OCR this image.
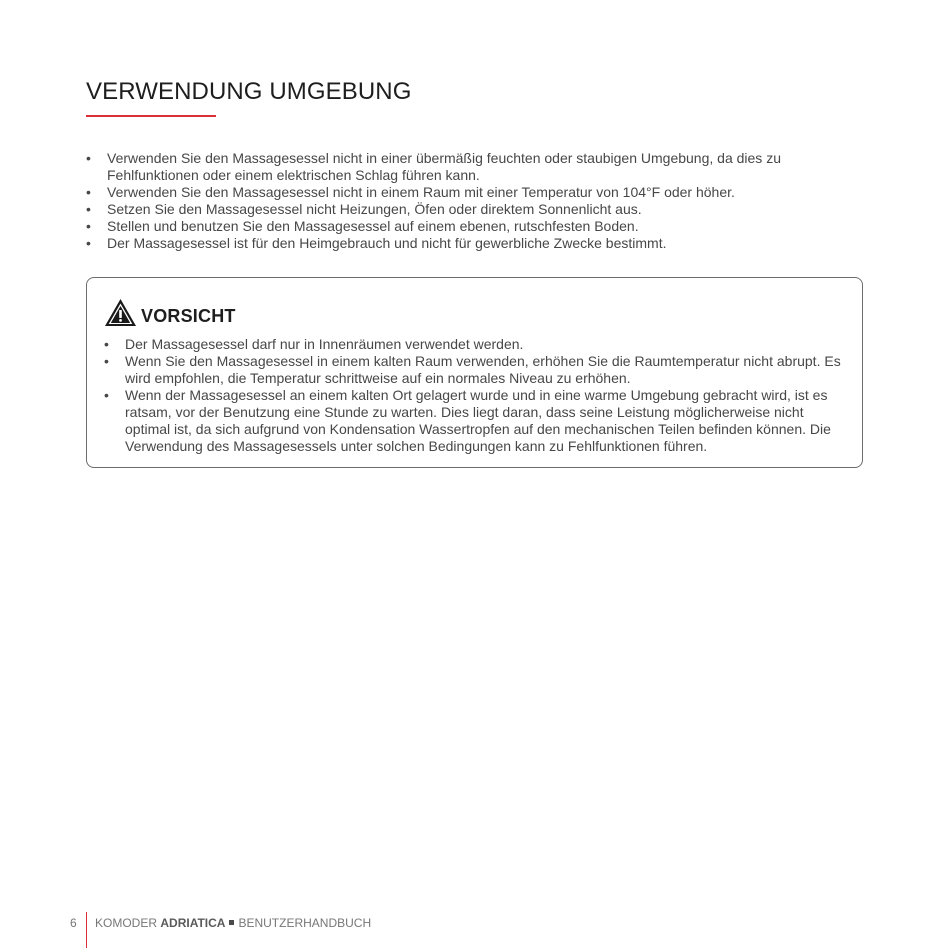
VERWENDUNG UMGEBUNG
• Verwenden Sie den Massagesessel nicht in einer übermäßig feuchten oder staubigen Umgebung, da dies zu Fehlfunktionen oder einem elektrischen Schlag führen kann.
• Verwenden Sie den Massagesessel nicht in einem Raum mit einer Temperatur von 104°F oder höher.
• Setzen Sie den Massagesessel nicht Heizungen, Öfen oder direktem Sonnenlicht aus.
• Stellen und benutzen Sie den Massagesessel auf einem ebenen, rutschfesten Boden.
• Der Massagesessel ist für den Heimgebrauch und nicht für gewerbliche Zwecke bestimmt.
VORSICHT
• Der Massagesessel darf nur in Innenräumen verwendet werden.
• Wenn Sie den Massagesessel in einem kalten Raum verwenden, erhöhen Sie die Raumtemperatur nicht abrupt. Es wird empfohlen, die Temperatur schrittweise auf ein normales Niveau zu erhöhen.
• Wenn der Massagesessel an einem kalten Ort gelagert wurde und in eine warme Umgebung gebracht wird, ist es ratsam, vor der Benutzung eine Stunde zu warten. Dies liegt daran, dass seine Leistung möglicherweise nicht optimal ist, da sich aufgrund von Kondensation Wassertropfen auf den mechanischen Teilen befinden können. Die Verwendung des Massagesessels unter solchen Bedingungen kann zu Fehlfunktionen führen.
6 KOMODER ADRIATICA BENUTZERHANDBUCH
